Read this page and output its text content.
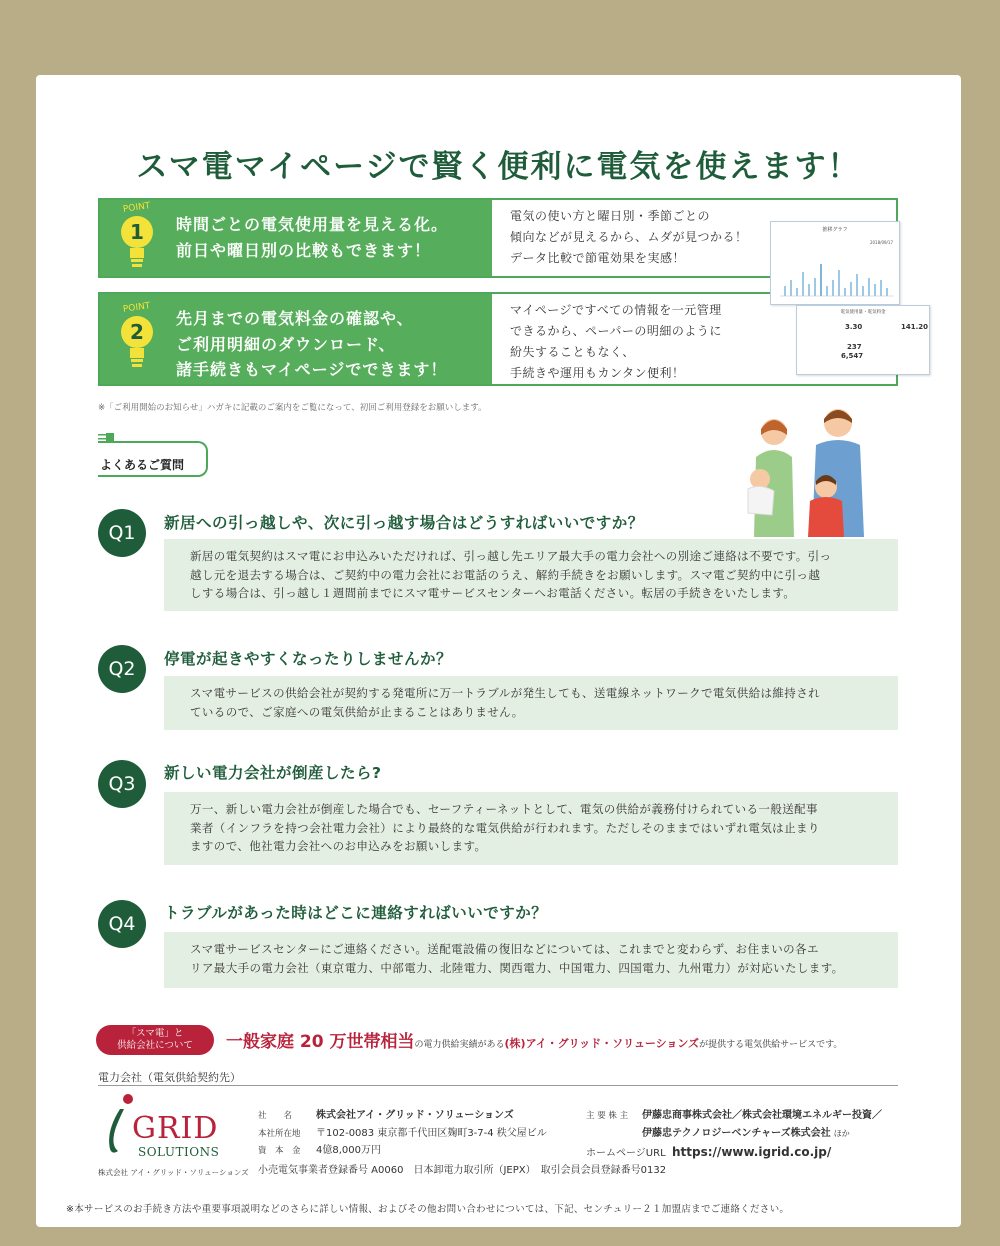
スマ電マイページで賢く便利に電気を使えます！
POINT
1 時間ごとの電気使用量を見える化。
前日や曜日別の比較もできます！
電気の使い方と曜日別・季節ごとの
傾向などが見えるから、ムダが見つかる！
データ比較で節電効果を実感！
POINT
2
先月までの電気料金の確認や、
ご利用明細のダウンロード、
諸手続きもマイページでできます！
マイページですべての情報を一元管理
できるから、ペーパーの明細のように
紛失することもなく、
手続きや運用もカンタン便利！
推移グラフ
2018/09/17
電気使用量・電気料金
3.30	141.20
237
6,547
※「ご利用開始のお知らせ」ハガキに記載のご案内をご覧になって、初回ご利用登録をお願いします。
よくあるご質問
Q1	新居への引っ越しや、次に引っ越す場合はどうすればいいですか？
新居の電気契約はスマ電にお申込みいただければ、引っ越し先エリア最大手の電力会社への別途ご連絡は不要です。引っ
越し元を退去する場合は、ご契約中の電力会社にお電話のうえ、解約手続きをお願いします。スマ電ご契約中に引っ越
しする場合は、引っ越し１週間前までにスマ電サービスセンターへお電話ください。転居の手続きをいたします。
Q2	停電が起きやすくなったりしませんか？
スマ電サービスの供給会社が契約する発電所に万一トラブルが発生しても、送電線ネットワークで電気供給は維持され
ているので、ご家庭への電気供給が止まることはありません。
Q3	新しい電力会社が倒産したら?
万一、新しい電力会社が倒産した場合でも、セーフティーネットとして、電気の供給が義務付けられている一般送配事
業者（インフラを持つ会社電力会社）により最終的な電気供給が行われます。ただしそのままではいずれ電気は止まり
ますので、他社電力会社へのお申込みをお願いします。
Q4	トラブルがあった時はどこに連絡すればいいですか？
スマ電サービスセンターにご連絡ください。送配電設備の復旧などについては、これまでと変わらず、お住まいの各エ
リア最大手の電力会社（東京電力、中部電力、北陸電力、関西電力、中国電力、四国電力、九州電力）が対応いたします。
「スマ電」と
供給会社について	一般家庭 20 万世帯相当の電力供給実績がある(株)アイ・グリッド・ソリューションズが提供する電気供給サービスです。
電力会社（電気供給契約先）
GRID
SOLUTIONS
株式会社 アイ・グリッド・ソリューションズ
社　　名 株式会社アイ・グリッド・ソリューションズ
本社所在地 〒102-0083 東京都千代田区麹町3-7-4 秩父屋ビル
資　本　金 4億8,000万円
小売電気事業者登録番号 A0060　日本卸電力取引所（JEPX）　取引会員会員登録番号0132
主 要 株 主 伊藤忠商事株式会社／株式会社環境エネルギー投資／
伊藤忠テクノロジーベンチャーズ株式会社 ほか
ホームページURL https://www.igrid.co.jp/
※本サービスのお手続き方法や重要事項説明などのさらに詳しい情報、およびその他お問い合わせについては、下記、センチュリー２１加盟店までご連絡ください。
